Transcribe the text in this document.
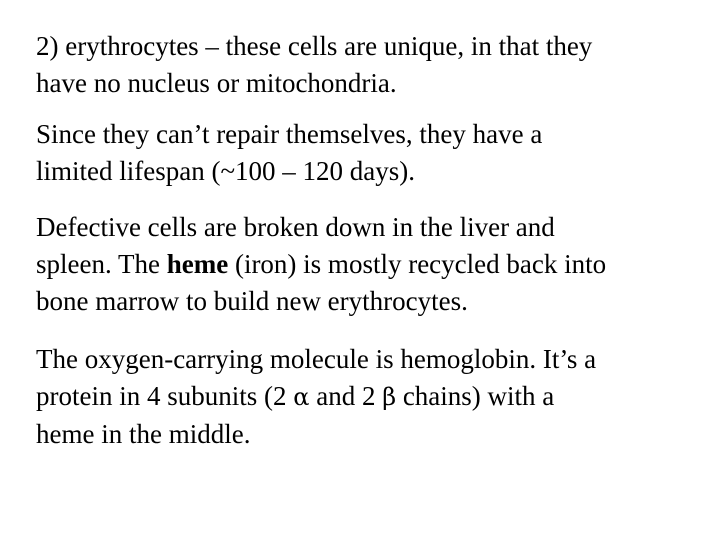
2) erythrocytes – these cells are unique, in that they
have no nucleus or mitochondria.

Since they can’t repair themselves, they have a
limited lifespan (~100 – 120 days).

Defective cells are broken down in the liver and
spleen. The heme (iron) is mostly recycled back into
bone marrow to build new erythrocytes.

The oxygen-carrying molecule is hemoglobin. It’s a
protein in 4 subunits (2 α and 2 β chains) with a
heme in the middle.
